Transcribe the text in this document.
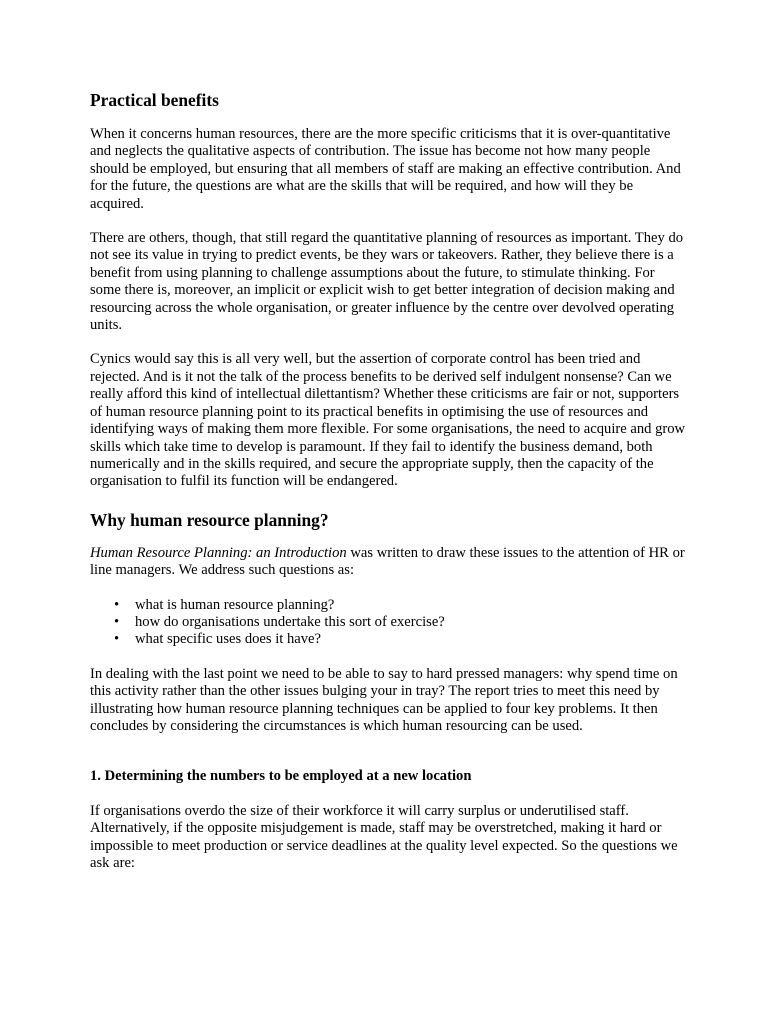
Practical benefits

When it concerns human resources, there are the more specific criticisms that it is over-quantitative and neglects the qualitative aspects of contribution. The issue has become not how many people should be employed, but ensuring that all members of staff are making an effective contribution. And for the future, the questions are what are the skills that will be required, and how will they be acquired.

There are others, though, that still regard the quantitative planning of resources as important. They do not see its value in trying to predict events, be they wars or takeovers. Rather, they believe there is a benefit from using planning to challenge assumptions about the future, to stimulate thinking. For some there is, moreover, an implicit or explicit wish to get better integration of decision making and resourcing across the whole organisation, or greater influence by the centre over devolved operating units.

Cynics would say this is all very well, but the assertion of corporate control has been tried and rejected. And is it not the talk of the process benefits to be derived self indulgent nonsense? Can we really afford this kind of intellectual dilettantism? Whether these criticisms are fair or not, supporters of human resource planning point to its practical benefits in optimising the use of resources and identifying ways of making them more flexible. For some organisations, the need to acquire and grow skills which take time to develop is paramount. If they fail to identify the business demand, both numerically and in the skills required, and secure the appropriate supply, then the capacity of the organisation to fulfil its function will be endangered.

Why human resource planning?

Human Resource Planning: an Introduction was written to draw these issues to the attention of HR or line managers. We address such questions as:

• what is human resource planning?
• how do organisations undertake this sort of exercise?
• what specific uses does it have?

In dealing with the last point we need to be able to say to hard pressed managers: why spend time on this activity rather than the other issues bulging your in tray? The report tries to meet this need by illustrating how human resource planning techniques can be applied to four key problems. It then concludes by considering the circumstances is which human resourcing can be used.

1. Determining the numbers to be employed at a new location

If organisations overdo the size of their workforce it will carry surplus or underutilised staff. Alternatively, if the opposite misjudgement is made, staff may be overstretched, making it hard or impossible to meet production or service deadlines at the quality level expected. So the questions we ask are:
